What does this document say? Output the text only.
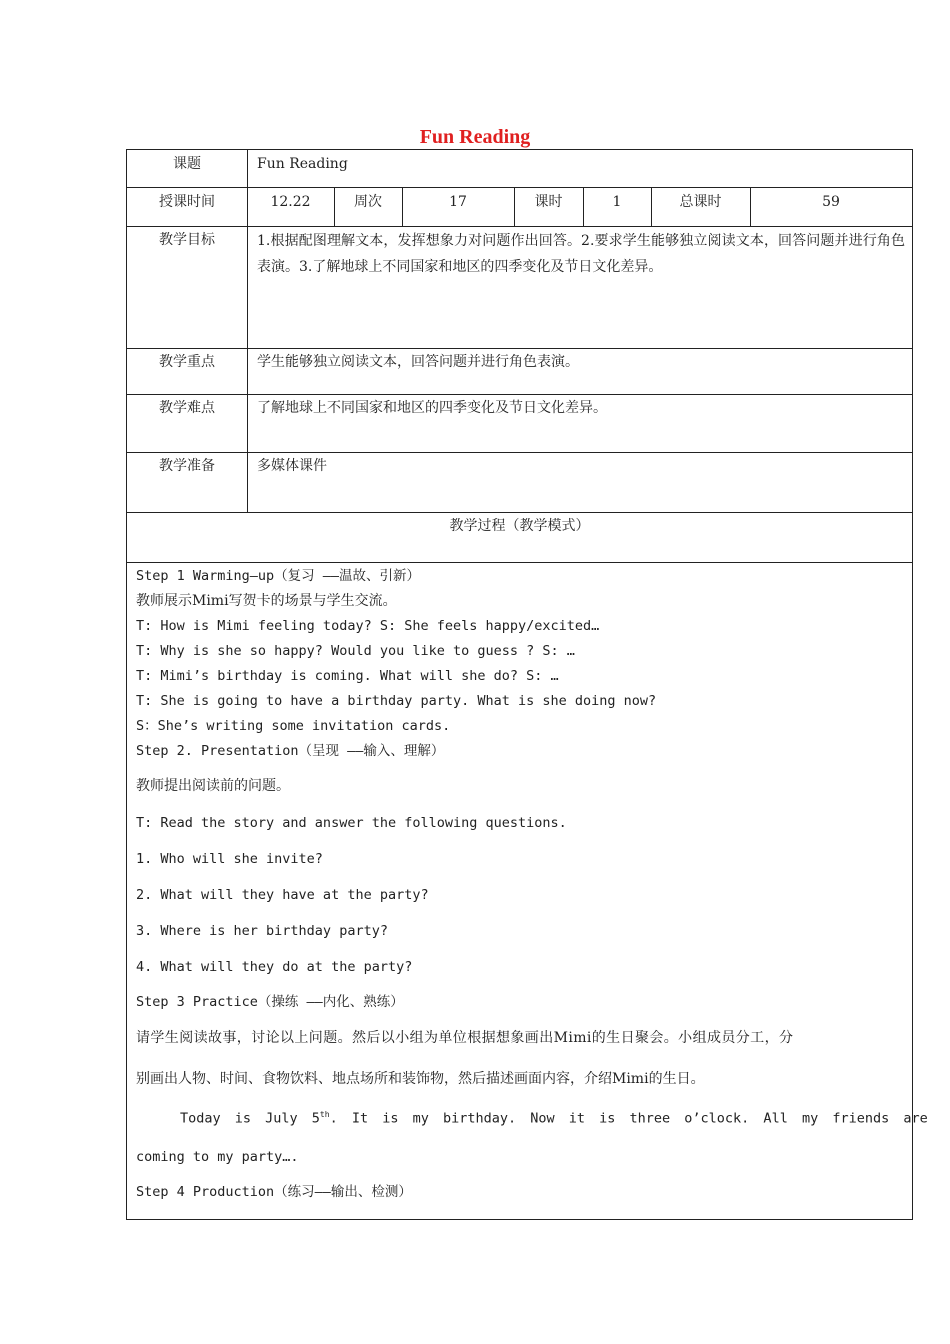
Fun Reading
课题	Fun Reading
授课时间	12.22	周次	17	课时	1	总课时	59
教学目标	1.根据配图理解文本，发挥想象力对问题作出回答。2.要求学生能够独立阅读文本，回答问题并进行角色表演。3.了解地球上不同国家和地区的四季变化及节日文化差异。
教学重点	学生能够独立阅读文本，回答问题并进行角色表演。
教学难点	了解地球上不同国家和地区的四季变化及节日文化差异。
教学准备	多媒体课件
教学过程（教学模式）
Step 1 Warming—up（复习 ——温故、引新）
教师展示Mimi写贺卡的场景与学生交流。
T: How is Mimi feeling today? S: She feels happy/excited…
T: Why is she so happy? Would you like to guess ? S: …
T: Mimi’s birthday is coming. What will she do? S: …
T: She is going to have a birthday party. What is she doing now?
S：She’s writing some invitation cards.
Step 2. Presentation（呈现 ——输入、理解）
教师提出阅读前的问题。
T: Read the story and answer the following questions.
1. Who will she invite?
2. What will they have at the party?
3. Where is her birthday party?
4. What will they do at the party?
Step 3 Practice（操练 ——内化、熟练）
请学生阅读故事，讨论以上问题。然后以小组为单位根据想象画出Mimi的生日聚会。小组成员分工，分
别画出人物、时间、食物饮料、地点场所和装饰物，然后描述画面内容，介绍Mimi的生日。
Today is July 5th. It is my birthday. Now it is three o’clock. All my friends are
coming to my party….
Step 4 Production（练习——输出、检测）
